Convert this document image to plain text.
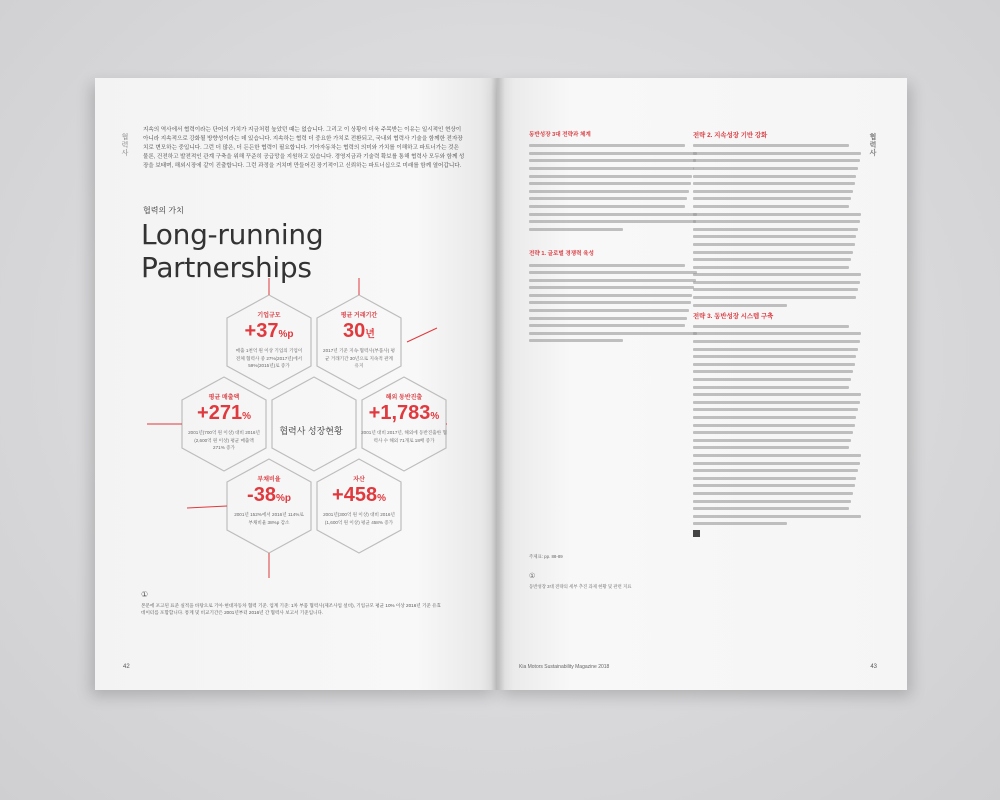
협력사
지속의 역사에서 협력이라는 단어의 가치가 지금처럼 높았던 때는 없습니다. 그리고 이 상황이 더욱 주목받는 이유는 일시적인 현상이 아니라 지속적으로 강화될 방향성이라는 데 있습니다. 지속하는 협력 더 중요한 가치로 전환되고, 국내외 협력사 기술을 함께한 전자장치로 변모하는 중입니다. 그런 더 많은, 더 든든한 협력이 필요합니다. 기아자동차는 협력의 의미와 가치를 이해하고 파트너가는 것은 물론, 건전하고 발전적인 관계 구축을 위해 꾸준히 공급망을 지원하고 있습니다. 경영지금과 기술력 확보를 통해 협력사 모두와 함께 성장을 보태며, 해외시장에 같이 진출합니다. 그런 과정을 거치며 만들어진 장기적이고 신뢰하는 파트너십으로 미래를 함께 열어갑니다.
협력의 가치
Long-running Partnerships
기업규모
+37%p
매출 1천억 원 이상 기업의 기업이 전체 협력사 중 27%(2017년)에서 59%(2015년)로 증가
평균 거래기간
30년
2017년 기준 지속·협력사(부품사) 평균 거래기간 30년으로 지속적 관계 유지
평균 매출액
+271%
2001년(700억 원 이상) 대비 2016년(2,600억 원 이상) 평균 매출액 271% 증가
협력사 성장현황
해외 동반진출
+1,783%
2001년 대비 2017년, 해외에 동반진출한 협력사 수 해외 71개로 18배 증가
부채비율
-38%p
2001년 152%에서 2016년 114%로 부채비율 38%p 감소
자산
+458%
2001년(300억 원 이상) 대비 2016년(1,600억 원 이상) 평균 458% 증가
①
본문에 포고된 표준 실적을 바탕으로 기아·현대자동차 협력 기준. 업계 기준: 1차 부품 협력사(제조사업 설비), 기업규모 평균 10% 이상 2016년 기준 유효데이터를 포함합니다. 통계 및 비교기간은 2001년부터 2016년 간 협력사 보고서 기준입니다.
42
협력사
동반성장 3대 전략과 체계
전략 1. 글로벌 경쟁력 육성
전략 2. 지속성장 기반 강화
전략 3. 동반성장 시스템 구축
주제표: pp. 88-89
①
동반성장 3대 전략의 세부 추진 과제 현황 및 관련 지표
Kia Motors Sustainability Magazine 2018	43
